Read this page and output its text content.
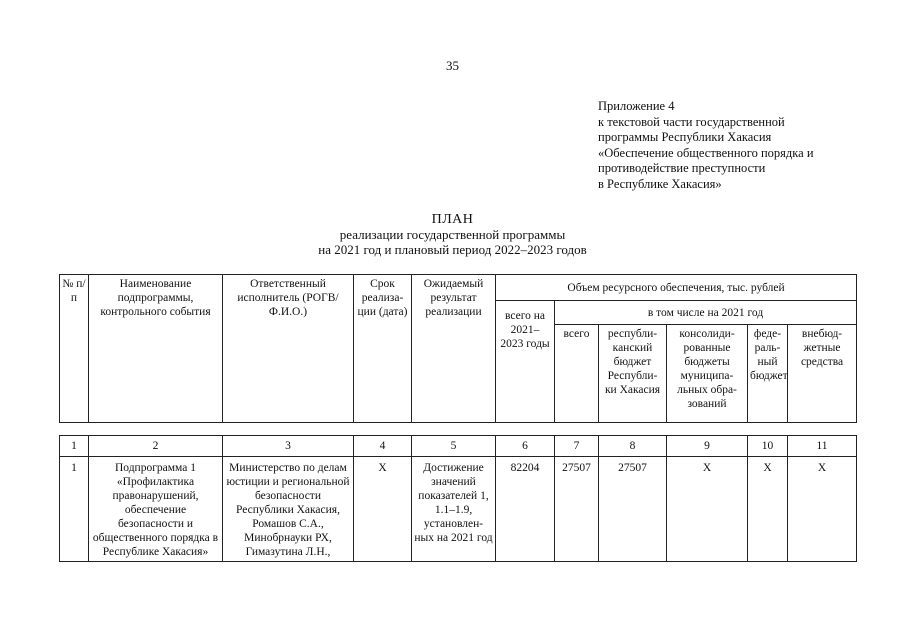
35
Приложение 4
к текстовой части государственной
программы Республики Хакасия
«Обеспечение общественного порядка и
противодействие преступности
в Республике Хакасия»
ПЛАН
реализации государственной программы
на 2021 год и плановый период 2022–2023 годов
№ п/п	Наименование подпрограммы, контрольного события	Ответственный исполнитель (РОГВ/Ф.И.О.)	Срок реализа- ции (дата)	Ожидаемый результат реализации	Объем ресурсного обеспечения, тыс. рублей					
					всего на 2021– 2023 годы	в том числе на 2021 год				
						всего	республи- канский бюджет Республи- ки Хакасия	консолиди- рованные бюджеты муниципа- льных обра- зований	феде- раль- ный бюджет	внебюд- жетные средства

1	2	3	4	5	6	7	8	9	10	11
1	Подпрограмма 1 «Профилактика правонарушений, обеспечение безопасности и общественного порядка в Республике Хакасия»	Министерство по делам юстиции и региональной безопасности Республики Хакасия, Ромашов С.А., Минобрнауки РХ, Гимазутина Л.Н.,	Х	Достижение значений показателей 1, 1.1–1.9, установлен- ных на 2021 год	82204	27507	27507	Х	Х	Х
